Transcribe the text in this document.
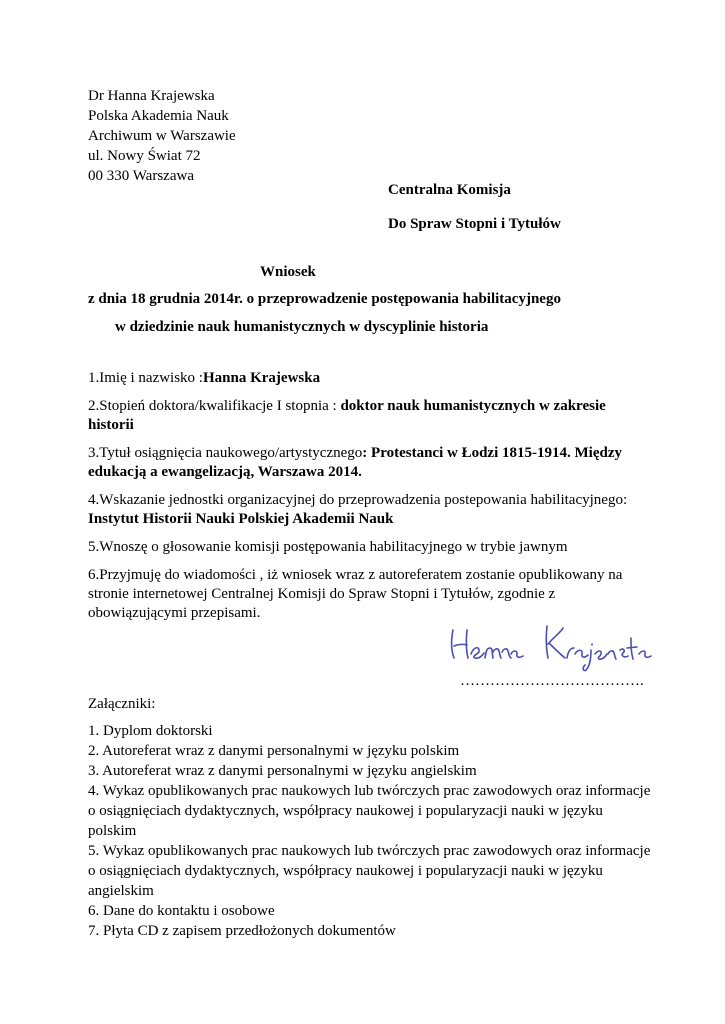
Dr Hanna Krajewska
Polska Akademia Nauk
Archiwum w Warszawie
ul. Nowy Świat 72
00 330 Warszawa
Centralna Komisja
Do Spraw Stopni i Tytułów
Wniosek
z dnia 18 grudnia 2014r. o przeprowadzenie postępowania habilitacyjnego
w dziedzinie nauk humanistycznych w dyscyplinie historia
1.Imię i nazwisko :Hanna Krajewska
2.Stopień doktora/kwalifikacje I stopnia : doktor nauk humanistycznych w zakresie historii
3.Tytuł osiągnięcia naukowego/artystycznego: Protestanci w Łodzi 1815-1914. Między edukacją a ewangelizacją, Warszawa 2014.
4.Wskazanie jednostki organizacyjnej do przeprowadzenia postepowania habilitacyjnego:
Instytut Historii Nauki Polskiej Akademii Nauk
5.Wnoszę o głosowanie komisji postępowania habilitacyjnego w trybie jawnym
6.Przyjmuję do wiadomości , iż wniosek wraz z autoreferatem zostanie opublikowany na stronie internetowej Centralnej Komisji do Spraw Stopni i Tytułów, zgodnie z obowiązującymi przepisami.
……………………………….
Załączniki:
1. Dyplom doktorski
2. Autoreferat wraz z danymi personalnymi w języku polskim
3. Autoreferat wraz z danymi personalnymi w języku angielskim
4. Wykaz opublikowanych prac naukowych lub twórczych prac zawodowych oraz informacje o osiągnięciach dydaktycznych, współpracy naukowej i popularyzacji nauki w języku polskim
5. Wykaz opublikowanych prac naukowych lub twórczych prac zawodowych oraz informacje o osiągnięciach dydaktycznych, współpracy naukowej i popularyzacji nauki w języku angielskim
6. Dane do kontaktu i osobowe
7. Płyta CD z zapisem przedłożonych dokumentów
